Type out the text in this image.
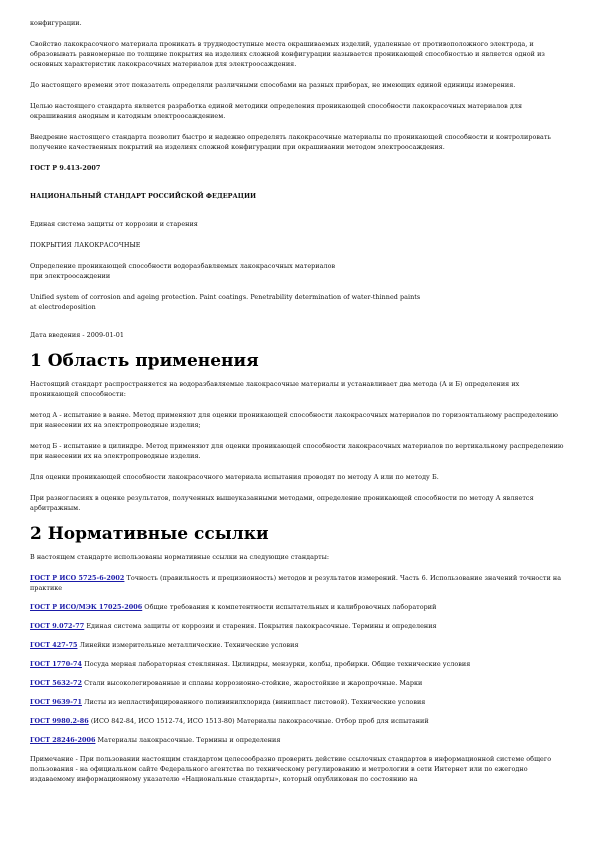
конфигурации.

Свойство лакокрасочного материала проникать в труднодоступные места окрашиваемых изделий, удаленные от противоположного электрода, и образовывать равномерные по толщине покрытия на изделиях сложной конфигурации называется проникающей способностью и является одной из основных характеристик лакокрасочных материалов для электроосаждения.

До настоящего времени этот показатель определяли различными способами на разных приборах, не имеющих единой единицы измерения.

Целью настоящего стандарта является разработка единой методики определения проникающей способности лакокрасочных материалов для окрашивания анодным и катодным электроосаждением.

Внедрение настоящего стандарта позволит быстро и надежно определять лакокрасочные материалы по проникающей способности и контролировать получение качественных покрытий на изделиях сложной конфигурации при окрашивании методом электроосаждения.

ГОСТ Р 9.413-2007

НАЦИОНАЛЬНЫЙ СТАНДАРТ РОССИЙСКОЙ ФЕДЕРАЦИИ

Единая система защиты от коррозии и старения

ПОКРЫТИЯ ЛАКОКРАСОЧНЫЕ

Определение проникающей способности водоразбавляемых лакокрасочных материалов
при электроосаждении

Unified system of corrosion and ageing protection. Paint coatings. Penetrability determination of water-thinned paints
at electrodeposition

Дата введения - 2009-01-01

1 Область применения

Настоящий стандарт распространяется на водоразбавляемые лакокрасочные материалы и устанавливает два метода (А и Б) определения их проникающей способности:

метод А - испытание в ванне. Метод применяют для оценки проникающей способности лакокрасочных материалов по горизонтальному распределению при нанесении их на электропроводные изделия;

метод Б - испытание в цилиндре. Метод применяют для оценки проникающей способности лакокрасочных материалов по вертикальному распределению при нанесении их на электропроводные изделия.

Для оценки проникающей способности лакокрасочного материала испытания проводят по методу А или по методу Б.

При разногласиях в оценке результатов, полученных вышеуказанными методами, определение проникающей способности по методу А является арбитражным.

2 Нормативные ссылки

В настоящем стандарте использованы нормативные ссылки на следующие стандарты:

ГОСТ Р ИСО 5725-6-2002 Точность (правильность и прецизионность) методов и результатов измерений. Часть 6. Использование значений точности на практике

ГОСТ Р ИСО/МЭК 17025-2006 Общие требования к компетентности испытательных и калибровочных лабораторий

ГОСТ 9.072-77 Единая система защиты от коррозии и старения. Покрытия лакокрасочные. Термины и определения

ГОСТ 427-75 Линейки измерительные металлические. Технические условия

ГОСТ 1770-74 Посуда мерная лабораторная стеклянная. Цилиндры, мензурки, колбы, пробирки. Общие технические условия

ГОСТ 5632-72 Стали высоколегированные и сплавы коррозионно-стойкие, жаростойкие и жаропрочные. Марки

ГОСТ 9639-71 Листы из непластифицированного поливинилхлорида (винипласт листовой). Технические условия

ГОСТ 9980.2-86 (ИСО 842-84, ИСО 1512-74, ИСО 1513-80) Материалы лакокрасочные. Отбор проб для испытаний

ГОСТ 28246-2006 Материалы лакокрасочные. Термины и определения

Примечание - При пользовании настоящим стандартом целесообразно проверить действие ссылочных стандартов в информационной системе общего пользования - на официальном сайте Федерального агентства по техническому регулированию и метрологии в сети Интернет или по ежегодно издаваемому информационному указателю «Национальные стандарты», который опубликован по состоянию на
